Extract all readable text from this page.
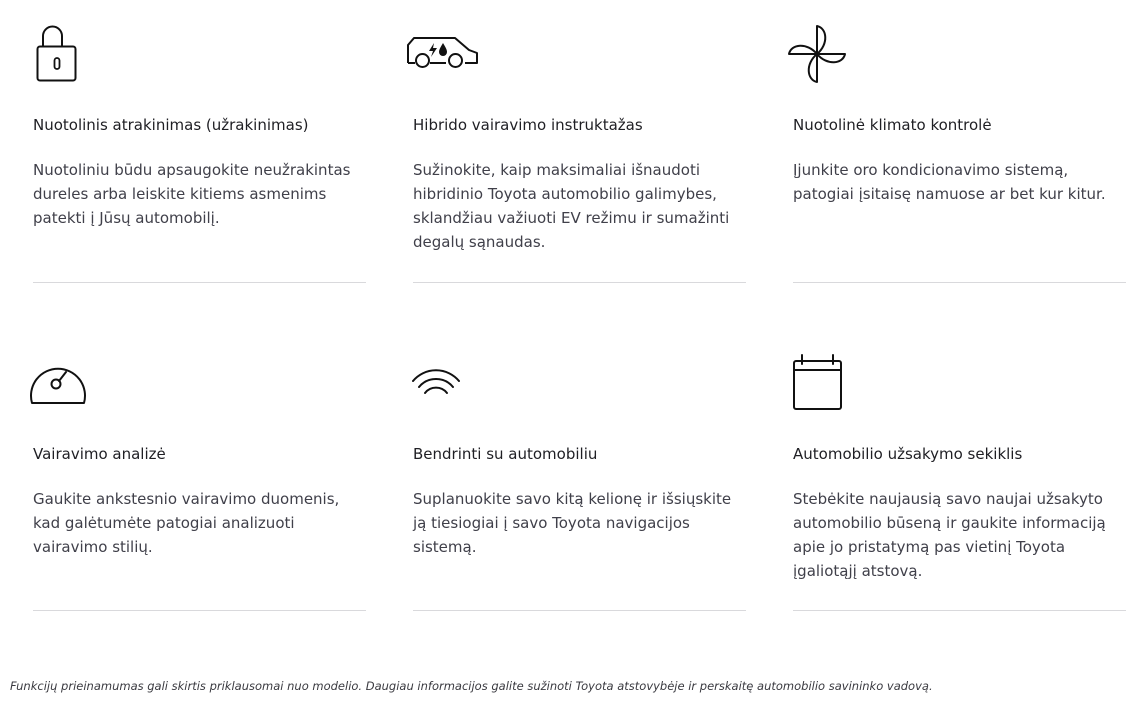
Nuotolinis atrakinimas (užrakinimas)
Nuotoliniu būdu apsaugokite neužrakintas dureles arba leiskite kitiems asmenims patekti į Jūsų automobilį.
Hibrido vairavimo instruktažas
Sužinokite, kaip maksimaliai išnaudoti hibridinio Toyota automobilio galimybes, sklandžiau važiuoti EV režimu ir sumažinti degalų sąnaudas.
Nuotolinė klimato kontrolė
Įjunkite oro kondicionavimo sistemą, patogiai įsitaisę namuose ar bet kur kitur.
Vairavimo analizė
Gaukite ankstesnio vairavimo duomenis, kad galėtumėte patogiai analizuoti vairavimo stilių.
Bendrinti su automobiliu
Suplanuokite savo kitą kelionę ir išsiųskite ją tiesiogiai į savo Toyota navigacijos sistemą.
Automobilio užsakymo sekiklis
Stebėkite naujausią savo naujai užsakyto automobilio būseną ir gaukite informaciją apie jo pristatymą pas vietinį Toyota įgaliotąjį atstovą.
Funkcijų prieinamumas gali skirtis priklausomai nuo modelio. Daugiau informacijos galite sužinoti Toyota atstovybėje ir perskaitę automobilio savininko vadovą.
